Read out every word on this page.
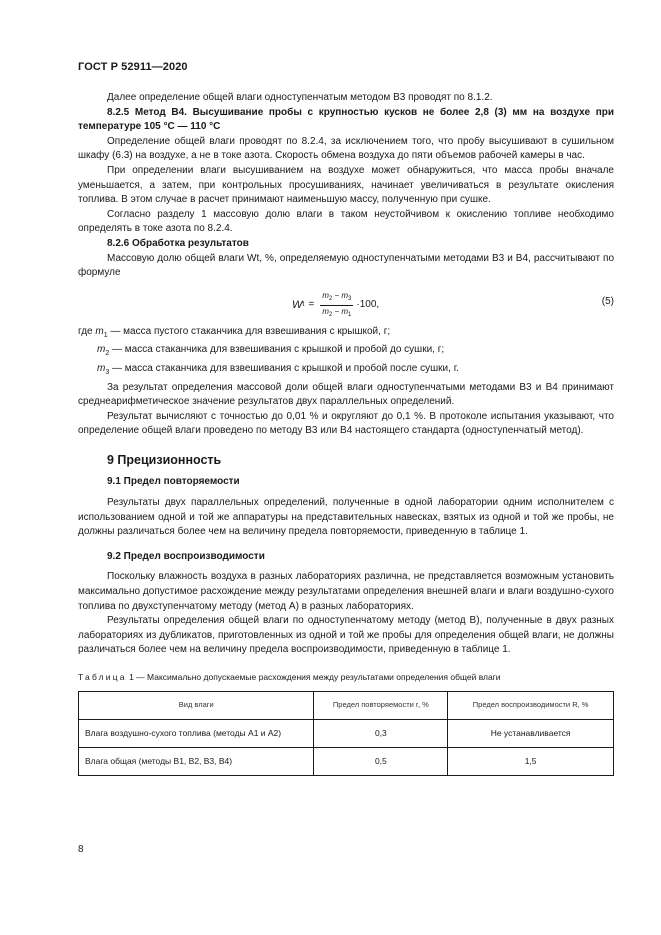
ГОСТ Р 52911—2020

Далее определение общей влаги одноступенчатым методом В3 проводят по 8.1.2.

8.2.5 Метод В4. Высушивание пробы с крупностью кусков не более 2,8 (3) мм на воздухе при температуре 105 °С — 110 °С

Определение общей влаги проводят по 8.2.4, за исключением того, что пробу высушивают в сушильном шкафу (6.3) на воздухе, а не в токе азота. Скорость обмена воздуха до пяти объемов рабочей камеры в час.

При определении влаги высушиванием на воздухе может обнаружиться, что масса пробы вначале уменьшается, а затем, при контрольных просушиваниях, начинает увеличиваться в результате окисления топлива. В этом случае в расчет принимают наименьшую массу, полученную при сушке.

Согласно разделу 1 массовую долю влаги в таком неустойчивом к окислению топливе необходимо определять в токе азота по 8.2.4.

8.2.6 Обработка результатов

Массовую долю общей влаги Wt, %, определяемую одноступенчатыми методами В3 и В4, рассчитывают по формуле

W $t = \frac{m_2 - m_3}{m_2 - m_1} \cdot 100$,	(5)
где $m_1$ — масса пустого стаканчика для взвешивания с крышкой, г;
$m_2$ — масса стаканчика для взвешивания с крышкой и пробой до сушки, г;
$m_3$ — масса стаканчика для взвешивания с крышкой и пробой после сушки, г.

За результат определения массовой доли общей влаги одноступенчатыми методами В3 и В4 принимают среднеарифметическое значение результатов двух параллельных определений.

Результат вычисляют с точностью до 0,01 % и округляют до 0,1 %. В протоколе испытания указывают, что определение общей влаги проведено по методу В3 или В4 настоящего стандарта (одноступенчатый метод).

9 Прецизионность
9.1 Предел повторяемости

Результаты двух параллельных определений, полученные в одной лаборатории одним исполнителем с использованием одной и той же аппаратуры на представительных навесках, взятых из одной и той же пробы, не должны различаться более чем на величину предела повторяемости, приведенную в таблице 1.

9.2 Предел воспроизводимости

Поскольку влажность воздуха в разных лабораториях различна, не представляется возможным установить максимально допустимое расхождение между результатами определения внешней влаги и влаги воздушно-сухого топлива по двухступенчатому методу (метод А) в разных лабораториях.

Результаты определения общей влаги по одноступенчатому методу (метод В), полученные в двух разных лабораториях из дубликатов, приготовленных из одной и той же пробы для определения общей влаги, не должны различаться более чем на величину предела воспроизводимости, приведенную в таблице 1.

Таблица 1 — Максимально допускаемые расхождения между результатами определения общей влаги
Вид влаги	Предел повторяемости r, %	Предел воспроизводимости R, %
Влага воздушно-сухого топлива (методы А1 и А2)	0,3	Не устанавливается
Влага общая (методы В1, В2, В3, В4)	0,5	1,5
8
